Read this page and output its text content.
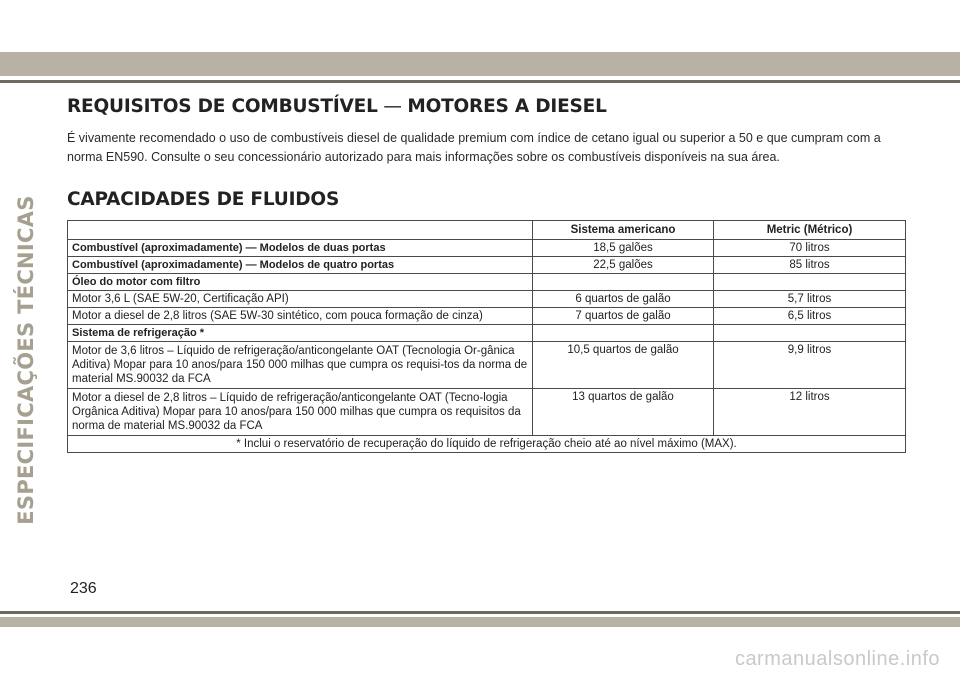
ESPECIFICAÇÕES TÉCNICAS
REQUISITOS DE COMBUSTÍVEL — MOTORES A DIESEL

É vivamente recomendado o uso de combustíveis diesel de qualidade premium com índice de cetano igual ou superior a 50 e que cumpram com a norma EN590. Consulte o seu concessionário autorizado para mais informações sobre os combustíveis disponíveis na sua área.

CAPACIDADES DE FLUIDOS
	Sistema americano	Metric (Métrico)
Combustível (aproximadamente) — Modelos de duas portas	18,5 galões	70 litros
Combustível (aproximadamente) — Modelos de quatro portas	22,5 galões	85 litros
Óleo do motor com filtro		
Motor 3,6 L (SAE 5W-20, Certificação API)	6 quartos de galão	5,7 litros
Motor a diesel de 2,8 litros (SAE 5W-30 sintético, com pouca formação de cinza)	7 quartos de galão	6,5 litros
Sistema de refrigeração *		
Motor de 3,6 litros – Líquido de refrigeração/anticongelante OAT (Tecnologia Or-gânica Aditiva) Mopar para 10 anos/para 150 000 milhas que cumpra os requisi-tos da norma de material MS.90032 da FCA	10,5 quartos de galão	9,9 litros
Motor a diesel de 2,8 litros – Líquido de refrigeração/anticongelante OAT (Tecno-logia Orgânica Aditiva) Mopar para 10 anos/para 150 000 milhas que cumpra os requisitos da norma de material MS.90032 da FCA	13 quartos de galão	12 litros
* Inclui o reservatório de recuperação do líquido de refrigeração cheio até ao nível máximo (MAX).		
236
carmanualsonline.info
